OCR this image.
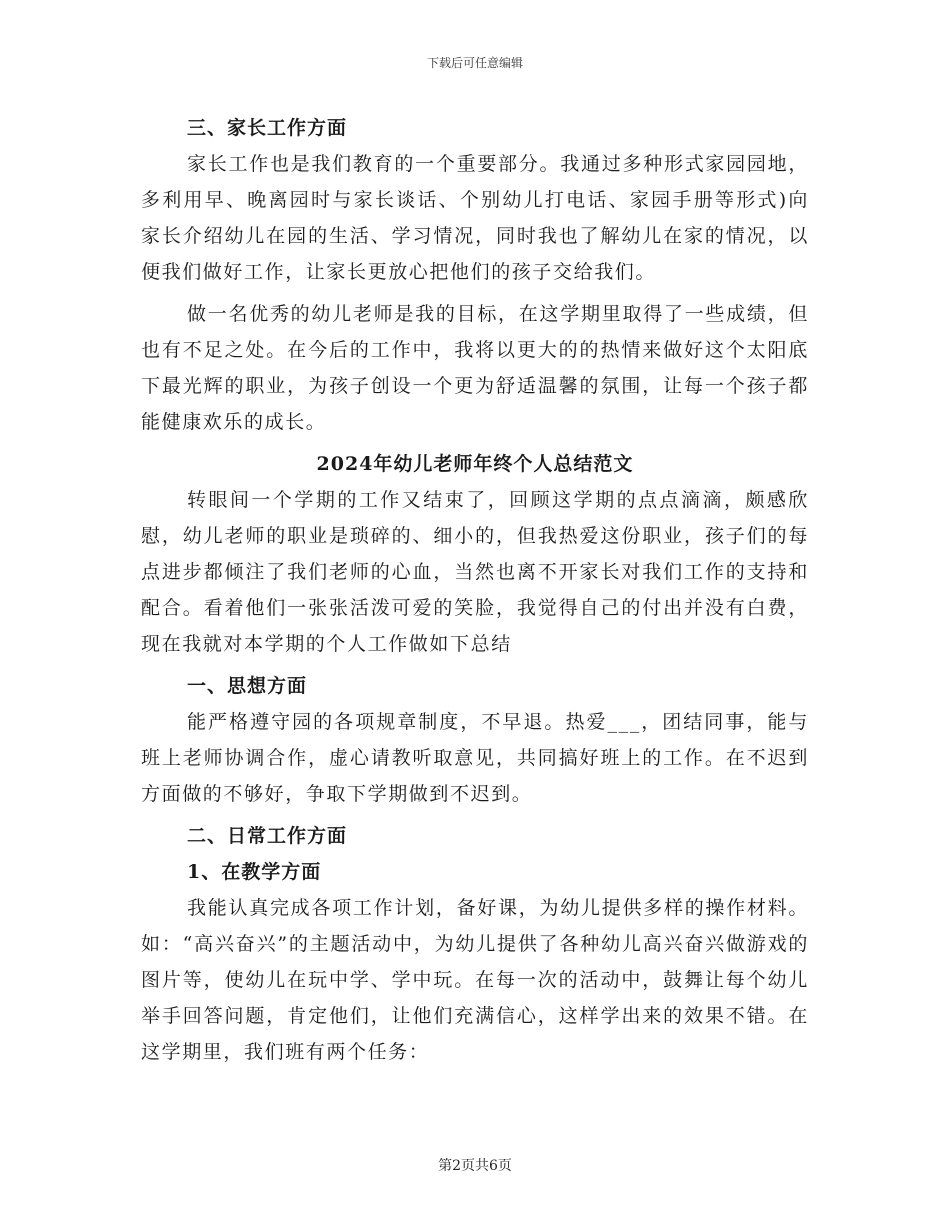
下载后可任意编辑

三、家长工作方面

家长工作也是我们教育的一个重要部分。我通过多种形式家园园地，多利用早、晚离园时与家长谈话、个别幼儿打电话、家园手册等形式)向家长介绍幼儿在园的生活、学习情况，同时我也了解幼儿在家的情况，以便我们做好工作，让家长更放心把他们的孩子交给我们。

做一名优秀的幼儿老师是我的目标，在这学期里取得了一些成绩，但也有不足之处。在今后的工作中，我将以更大的的热情来做好这个太阳底下最光辉的职业，为孩子创设一个更为舒适温馨的氛围，让每一个孩子都能健康欢乐的成长。

2024年幼儿老师年终个人总结范文

转眼间一个学期的工作又结束了，回顾这学期的点点滴滴，颇感欣慰，幼儿老师的职业是琐碎的、细小的，但我热爱这份职业，孩子们的每点进步都倾注了我们老师的心血，当然也离不开家长对我们工作的支持和配合。看着他们一张张活泼可爱的笑脸，我觉得自己的付出并没有白费，现在我就对本学期的个人工作做如下总结

一、思想方面

能严格遵守园的各项规章制度，不早退。热爱___，团结同事，能与班上老师协调合作，虚心请教听取意见，共同搞好班上的工作。在不迟到方面做的不够好，争取下学期做到不迟到。

二、日常工作方面

1、在教学方面

我能认真完成各项工作计划，备好课，为幼儿提供多样的操作材料。如：“高兴奋兴”的主题活动中，为幼儿提供了各种幼儿高兴奋兴做游戏的图片等，使幼儿在玩中学、学中玩。在每一次的活动中，鼓舞让每个幼儿举手回答问题，肯定他们，让他们充满信心，这样学出来的效果不错。在这学期里，我们班有两个任务：

第2页共6页
